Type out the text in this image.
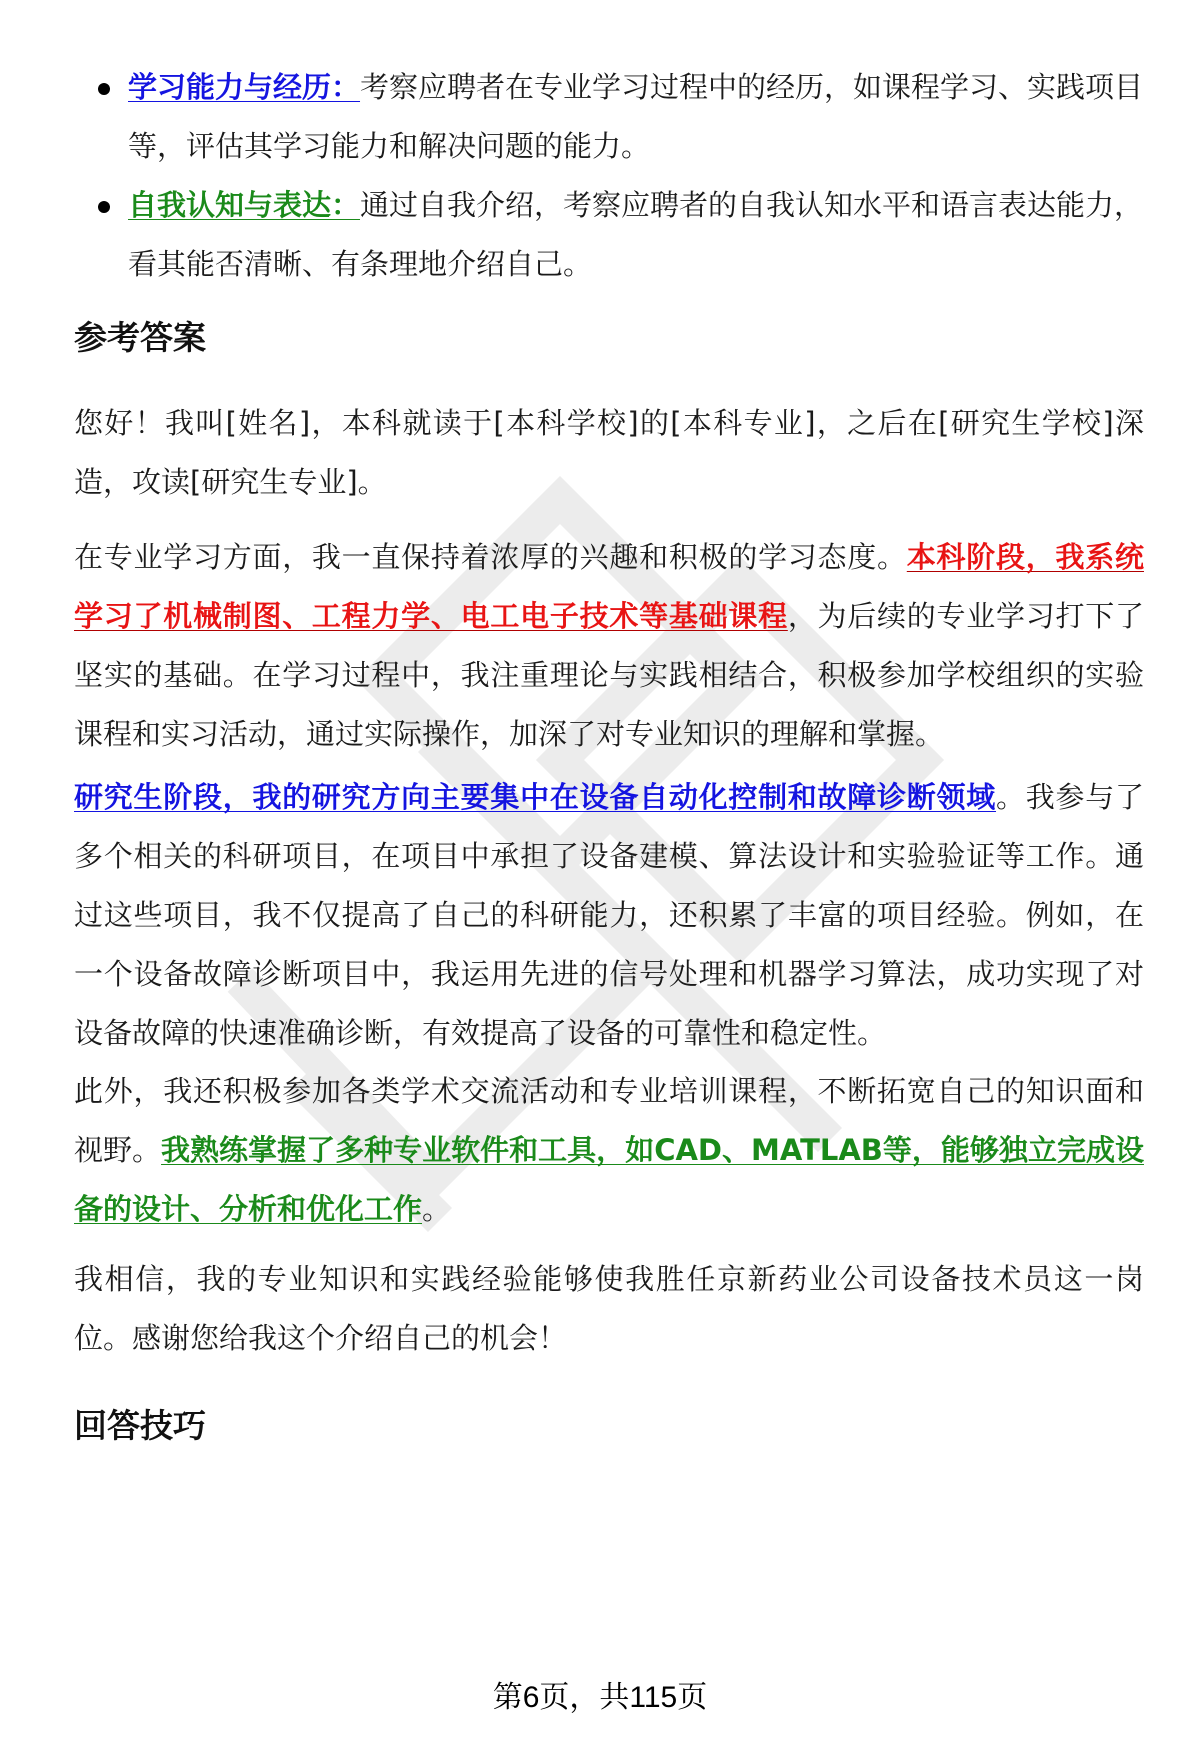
学习能力与经历：考察应聘者在专业学习过程中的经历，如课程学习、实践项目等，评估其学习能力和解决问题的能力。
自我认知与表达：通过自我介绍，考察应聘者的自我认知水平和语言表达能力，看其能否清晰、有条理地介绍自己。
参考答案

您好！我叫[姓名]，本科就读于[本科学校]的[本科专业]，之后在[研究生学校]深造，攻读[研究生专业]。

在专业学习方面，我一直保持着浓厚的兴趣和积极的学习态度。本科阶段，我系统学习了机械制图、工程力学、电工电子技术等基础课程，为后续的专业学习打下了坚实的基础。在学习过程中，我注重理论与实践相结合，积极参加学校组织的实验课程和实习活动，通过实际操作，加深了对专业知识的理解和掌握。

研究生阶段，我的研究方向主要集中在设备自动化控制和故障诊断领域。我参与了多个相关的科研项目，在项目中承担了设备建模、算法设计和实验验证等工作。通过这些项目，我不仅提高了自己的科研能力，还积累了丰富的项目经验。例如，在一个设备故障诊断项目中，我运用先进的信号处理和机器学习算法，成功实现了对设备故障的快速准确诊断，有效提高了设备的可靠性和稳定性。

此外，我还积极参加各类学术交流活动和专业培训课程，不断拓宽自己的知识面和视野。我熟练掌握了多种专业软件和工具，如CAD、MATLAB等，能够独立完成设备的设计、分析和优化工作。

我相信，我的专业知识和实践经验能够使我胜任京新药业公司设备技术员这一岗位。感谢您给我这个介绍自己的机会！

回答技巧
第6页，共115页
